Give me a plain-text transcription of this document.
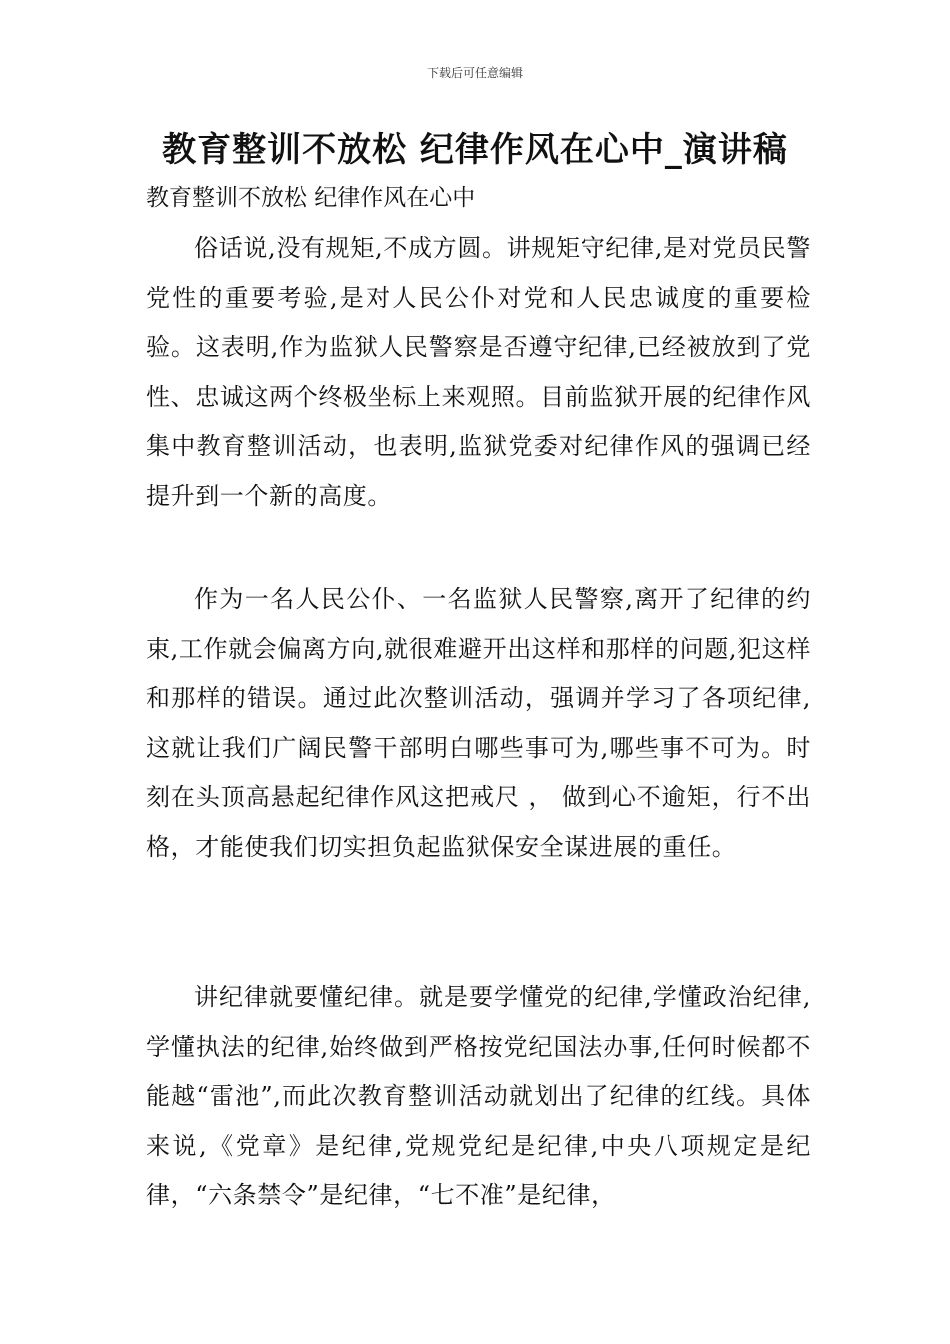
下载后可任意编辑
教育整训不放松 纪律作风在心中_演讲稿

教育整训不放松 纪律作风在心中

俗话说,没有规矩,不成方圆。讲规矩守纪律,是对党员民警党性的重要考验,是对人民公仆对党和人民忠诚度的重要检验。这表明,作为监狱人民警察是否遵守纪律,已经被放到了党性、忠诚这两个终极坐标上来观照。目前监狱开展的纪律作风集中教育整训活动，也表明,监狱党委对纪律作风的强调已经提升到一个新的高度。

作为一名人民公仆、一名监狱人民警察,离开了纪律的约束,工作就会偏离方向,就很难避开出这样和那样的问题,犯这样和那样的错误。通过此次整训活动，强调并学习了各项纪律,这就让我们广阔民警干部明白哪些事可为,哪些事不可为。时刻在头顶高悬起纪律作风这把戒尺 ， 做到心不逾矩，行不出格，才能使我们切实担负起监狱保安全谋进展的重任。

讲纪律就要懂纪律。就是要学懂党的纪律,学懂政治纪律,学懂执法的纪律,始终做到严格按党纪国法办事,任何时候都不能越“雷池”,而此次教育整训活动就划出了纪律的红线。具体来说,《党章》是纪律,党规党纪是纪律,中央八项规定是纪律，“六条禁令”是纪律，“七不准”是纪律，
